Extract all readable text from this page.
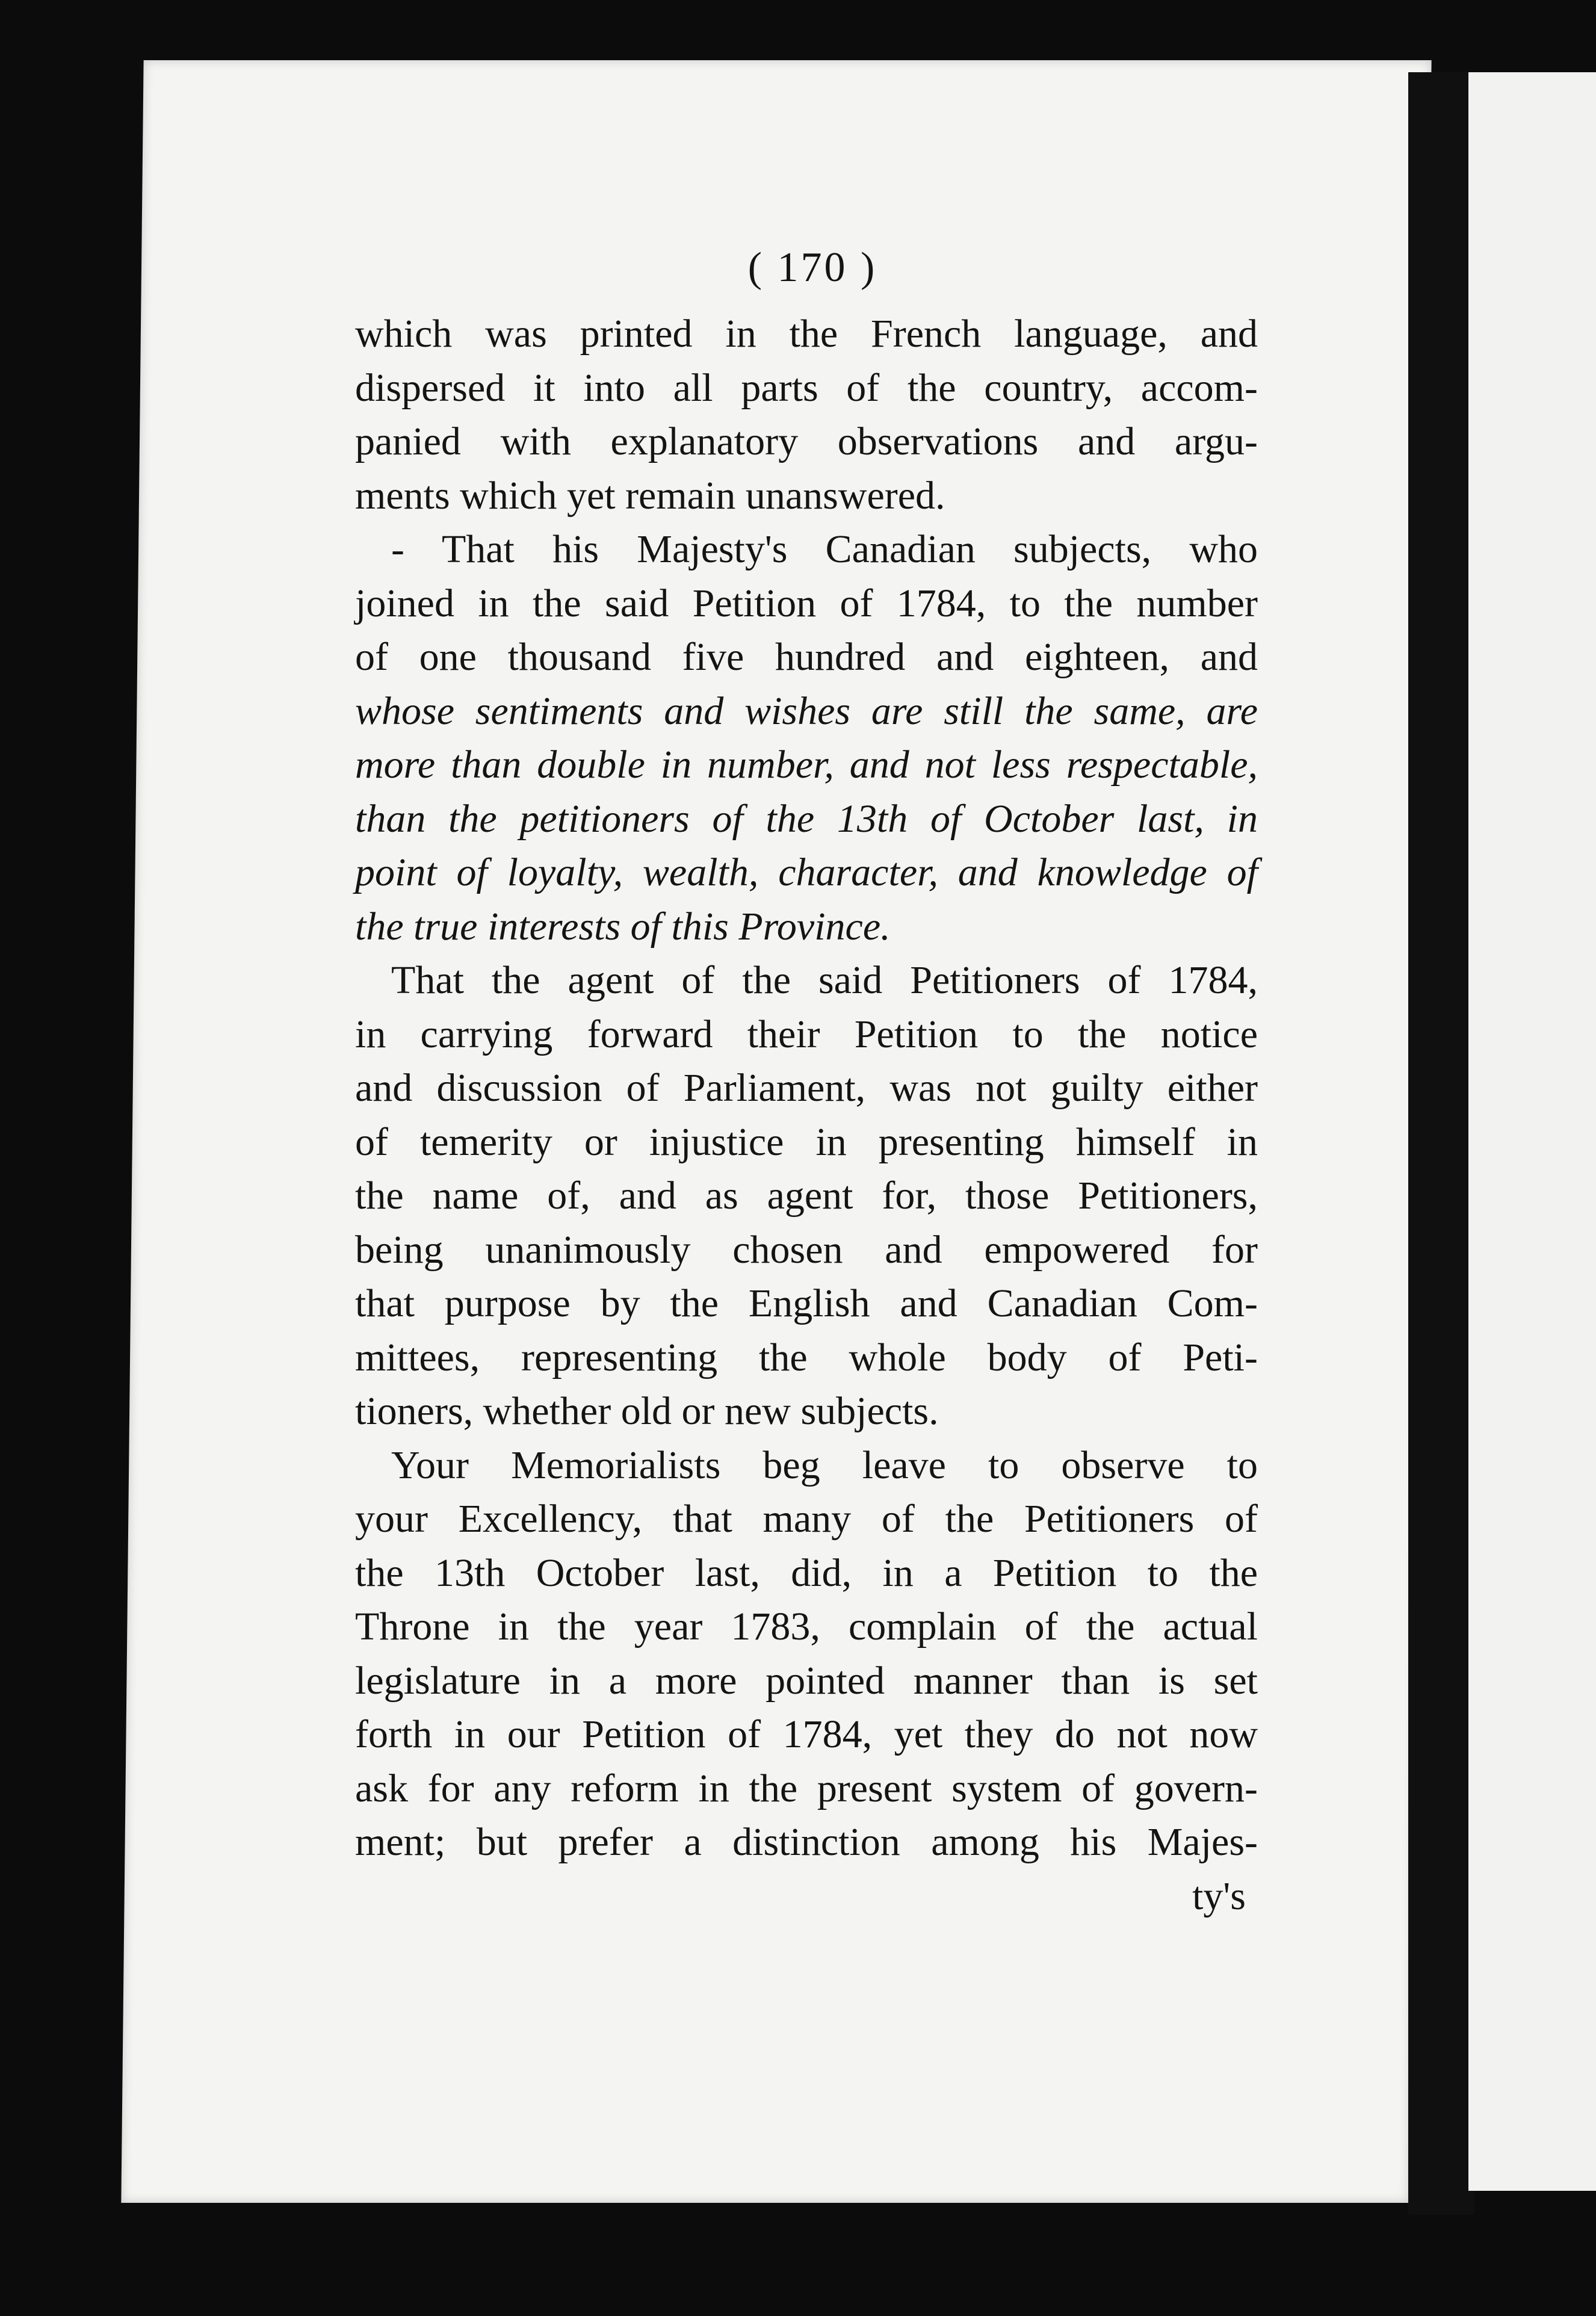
( 170 )
which was printed in the French language, and
dispersed it into all parts of the country, accom-
panied with explanatory observations and argu-
ments which yet remain unanswered.
- That his Majesty's Canadian subjects, who
joined in the said Petition of 1784, to the number
of one thousand five hundred and eighteen, and
whose sentiments and wishes are still the same, are
more than double in number, and not less respectable,
than the petitioners of the 13th of October last, in
point of loyalty, wealth, character, and knowledge of
the true interests of this Province.
That the agent of the said Petitioners of 1784,
in carrying forward their Petition to the notice
and discussion of Parliament, was not guilty either
of temerity or injustice in presenting himself in
the name of, and as agent for, those Petitioners,
being unanimously chosen and empowered for
that purpose by the English and Canadian Com-
mittees, representing the whole body of Peti-
tioners, whether old or new subjects.
Your Memorialists beg leave to observe to
your Excellency, that many of the Petitioners of
the 13th October last, did, in a Petition to the
Throne in the year 1783, complain of the actual
legislature in a more pointed manner than is set
forth in our Petition of 1784, yet they do not now
ask for any reform in the present system of govern-
ment; but prefer a distinction among his Majes-
ty's
